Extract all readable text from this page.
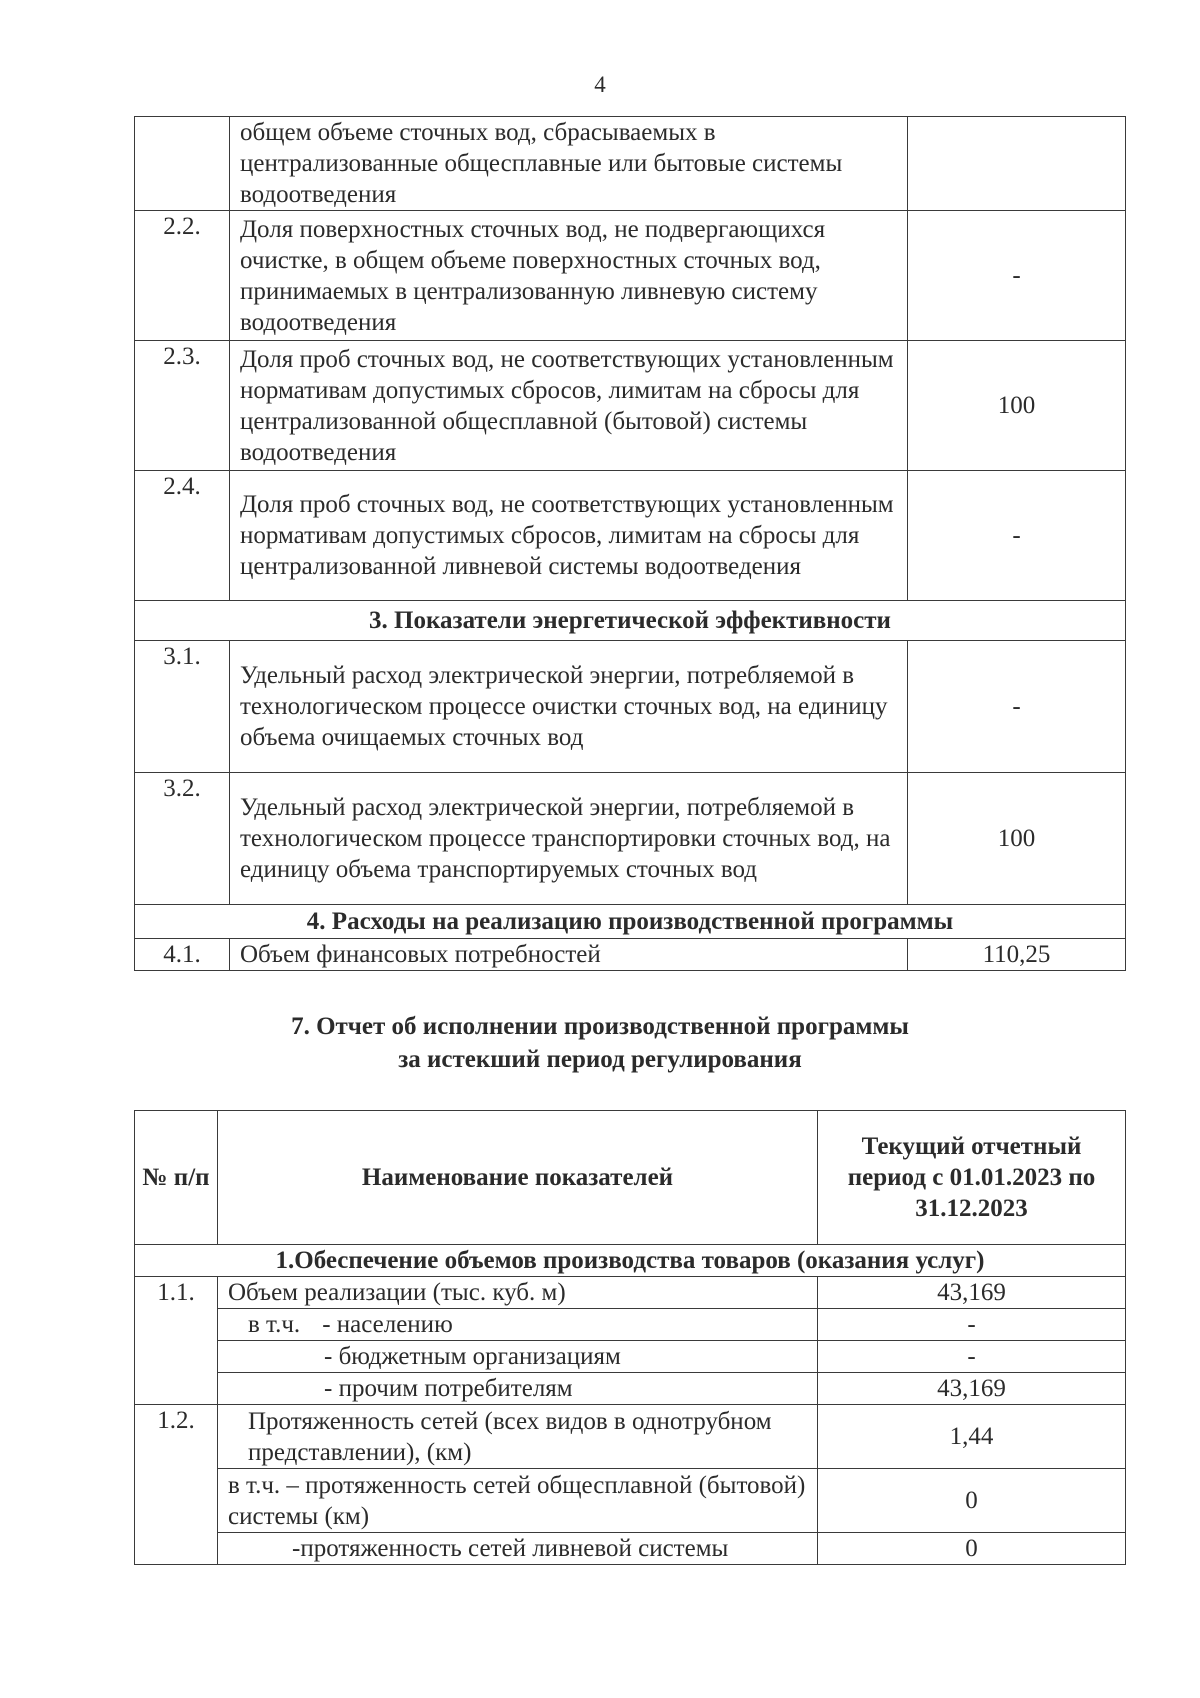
4
	общем объеме сточных вод, сбрасываемых в централизованные общесплавные или бытовые системы водоотведения	
2.2.	Доля поверхностных сточных вод, не подвергающихся очистке, в общем объеме поверхностных сточных вод, принимаемых в централизованную ливневую систему водоотведения	-
2.3.	Доля проб сточных вод, не соответствующих установленным нормативам допустимых сбросов, лимитам на сбросы для централизованной общесплавной (бытовой) системы водоотведения	100
2.4.	Доля проб сточных вод, не соответствующих установленным нормативам допустимых сбросов, лимитам на сбросы для централизованной ливневой системы водоотведения	-
3. Показатели энергетической эффективности		
3.1.	Удельный расход электрической энергии, потребляемой в технологическом процессе очистки сточных вод, на единицу объема очищаемых сточных вод	-
3.2.	Удельный расход электрической энергии, потребляемой в технологическом процессе транспортировки сточных вод, на единицу объема транспортируемых сточных вод	100
4. Расходы на реализацию производственной программы		
4.1.	Объем финансовых потребностей	110,25
7. Отчет об исполнении производственной программы
за истекший период регулирования
№ п/п	Наименование показателей	Текущий отчетный период с 01.01.2023 по 31.12.2023
1.Обеспечение объемов производства товаров (оказания услуг)		
1.1.	Объем реализации (тыс. куб. м)	43,169
	в т.ч. - населению	-
	- бюджетным организациям	-
	- прочим потребителям	43,169
1.2.	Протяженность сетей (всех видов в однотрубном представлении), (км)	1,44
	в т.ч. – протяженность сетей общесплавной (бытовой) системы (км)	0
	-протяженность сетей ливневой системы	0
